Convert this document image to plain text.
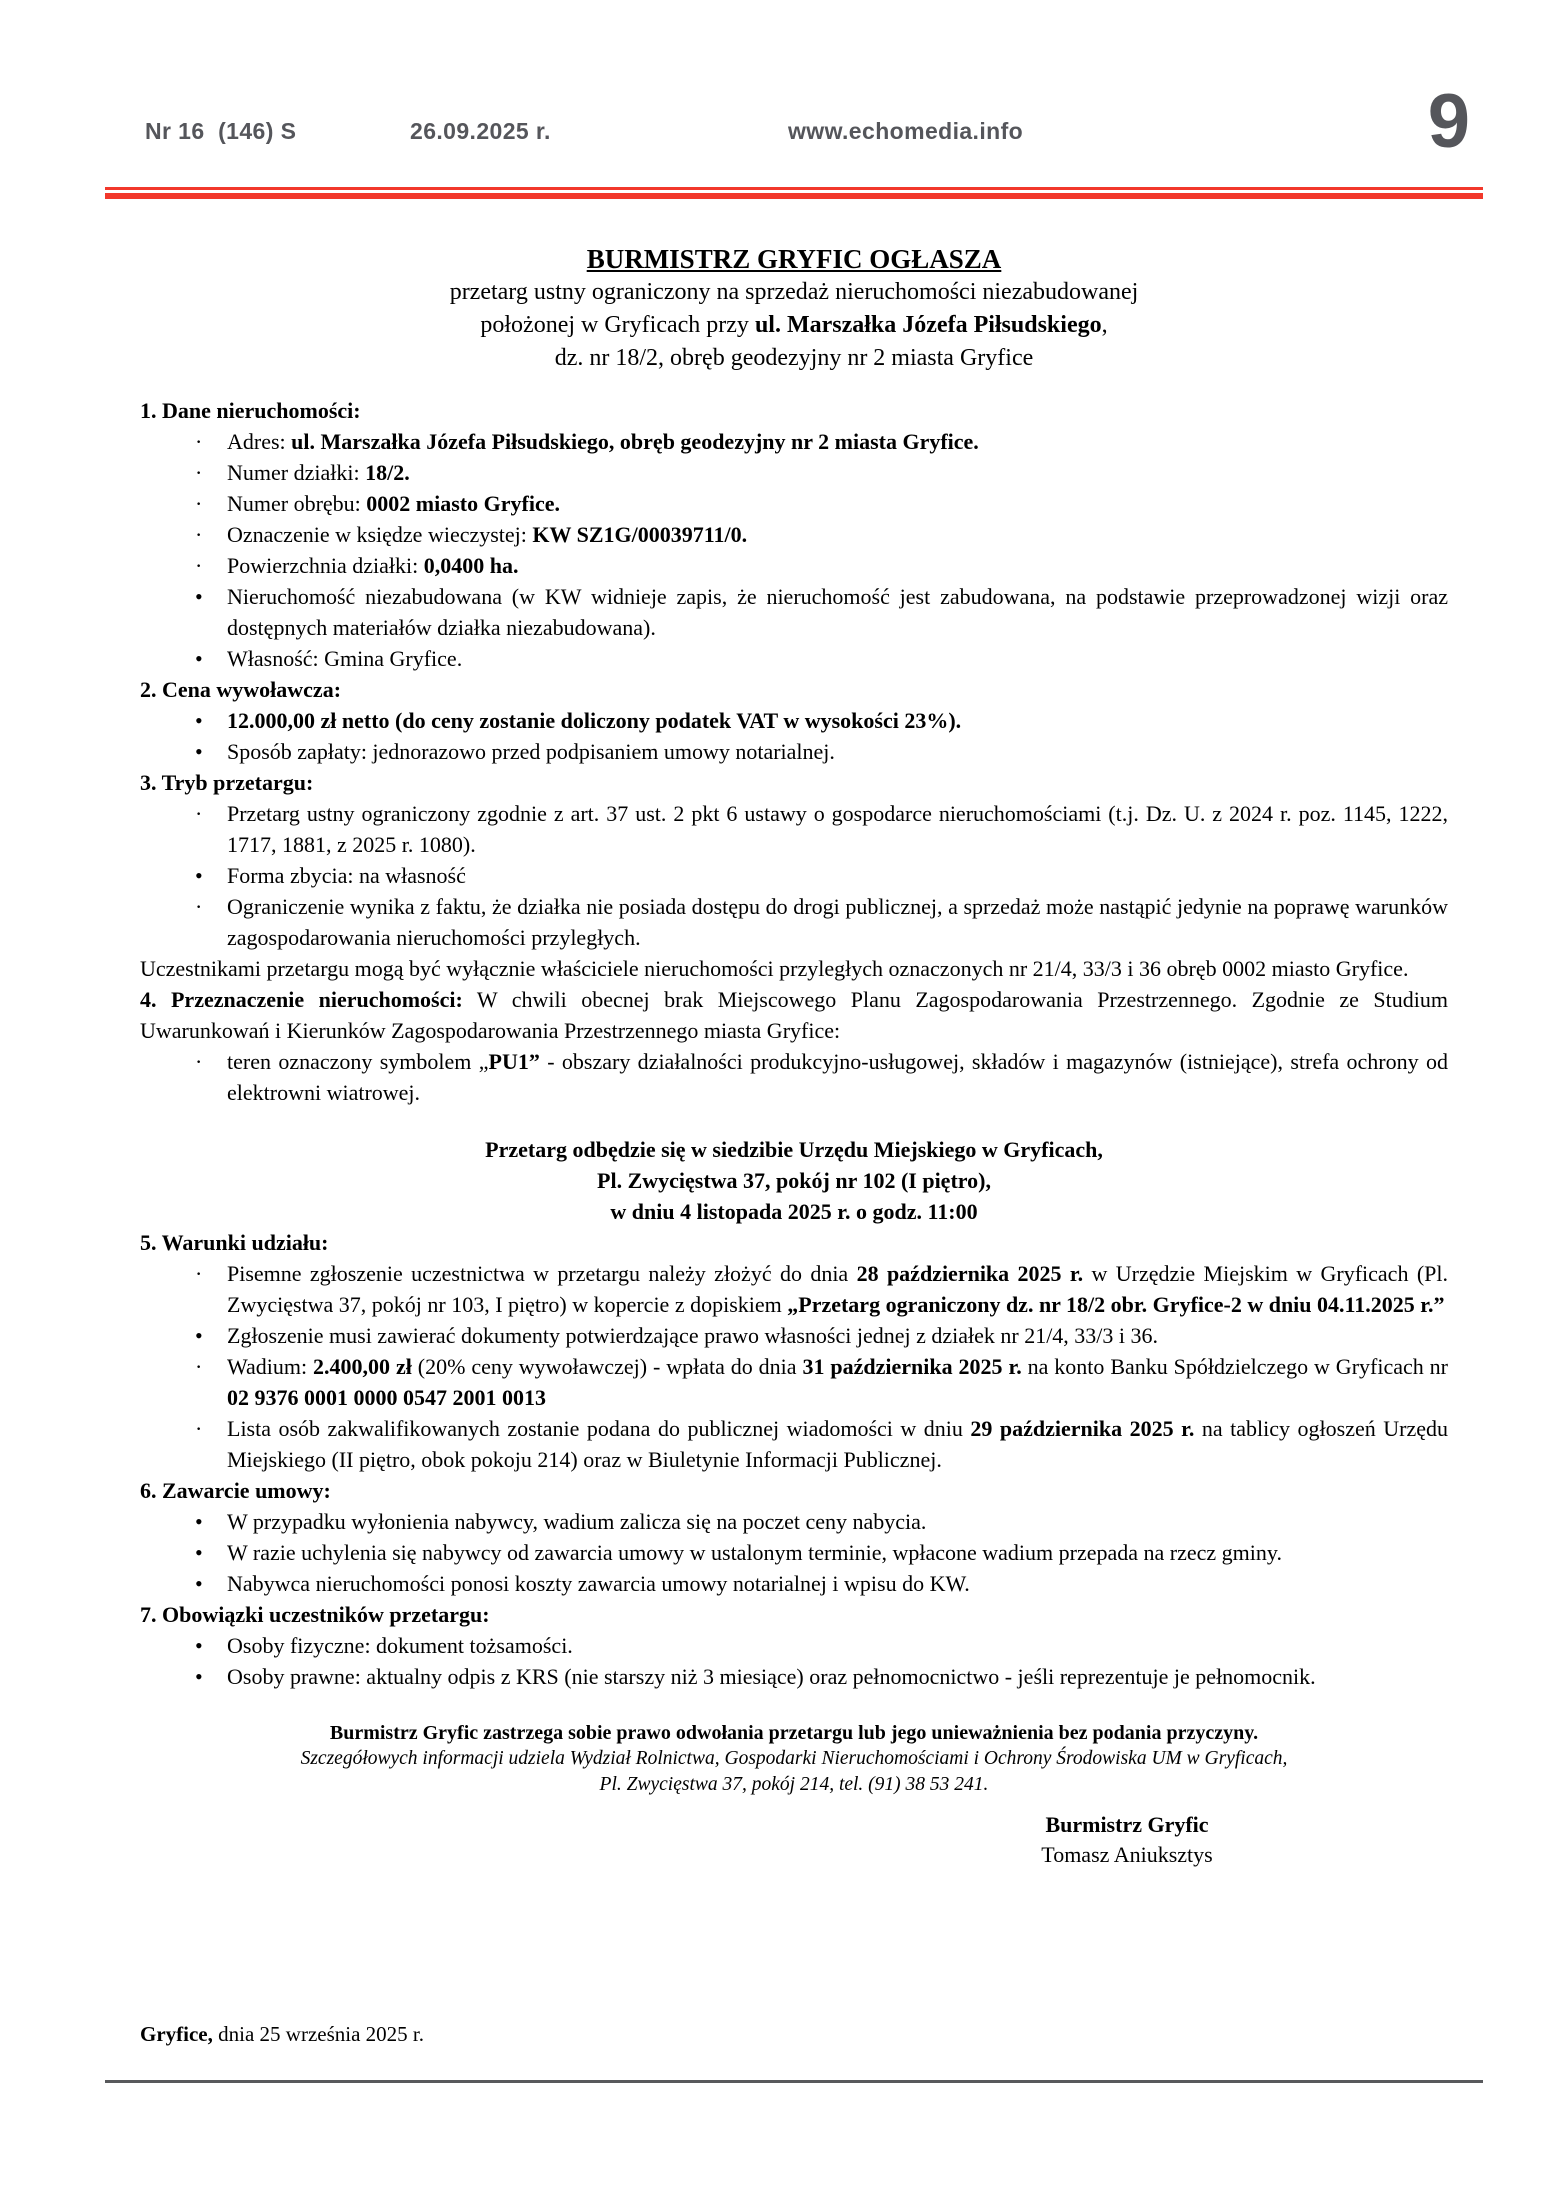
Nr 16  (146) S	26.09.2025 r.	www.echomedia.info	9
BURMISTRZ GRYFIC OGŁASZA
przetarg ustny ograniczony na sprzedaż nieruchomości niezabudowanej
położonej w Gryficach przy ul. Marszałka Józefa Piłsudskiego,
dz. nr 18/2, obręb geodezyjny nr 2 miasta Gryfice
1. Dane nieruchomości:
· Adres: ul. Marszałka Józefa Piłsudskiego, obręb geodezyjny nr 2 miasta Gryfice.
· Numer działki: 18/2.
· Numer obrębu: 0002 miasto Gryfice.
· Oznaczenie w księdze wieczystej: KW SZ1G/00039711/0.
· Powierzchnia działki: 0,0400 ha.
• Nieruchomość niezabudowana (w KW widnieje zapis, że nieruchomość jest zabudowana, na podstawie przeprowadzonej wizji oraz dostępnych materiałów działka niezabudowana).
• Własność: Gmina Gryfice.
2. Cena wywoławcza:
• 12.000,00 zł netto (do ceny zostanie doliczony podatek VAT w wysokości 23%).
• Sposób zapłaty: jednorazowo przed podpisaniem umowy notarialnej.
3. Tryb przetargu:
· Przetarg ustny ograniczony zgodnie z art. 37 ust. 2 pkt 6 ustawy o gospodarce nieruchomościami (t.j. Dz. U. z 2024 r. poz. 1145, 1222, 1717, 1881, z 2025 r. 1080).
• Forma zbycia: na własność
· Ograniczenie wynika z faktu, że działka nie posiada dostępu do drogi publicznej, a sprzedaż może nastąpić jedynie na poprawę warunków zagospodarowania nieruchomości przyległych.

Uczestnikami przetargu mogą być wyłącznie właściciele nieruchomości przyległych oznaczonych nr 21/4, 33/3 i 36 obręb 0002 miasto Gryfice.

4. Przeznaczenie nieruchomości: W chwili obecnej brak Miejscowego Planu Zagospodarowania Przestrzennego. Zgodnie ze Studium Uwarunkowań i Kierunków Zagospodarowania Przestrzennego miasta Gryfice:

· teren oznaczony symbolem „PU1” - obszary działalności produkcyjno-usługowej, składów i magazynów (istniejące), strefa ochrony od elektrowni wiatrowej.
Przetarg odbędzie się w siedzibie Urzędu Miejskiego w Gryficach,
Pl. Zwycięstwa 37, pokój nr 102 (I piętro),
w dniu 4 listopada 2025 r. o godz. 11:00
5. Warunki udziału:
· Pisemne zgłoszenie uczestnictwa w przetargu należy złożyć do dnia 28 października 2025 r. w Urzędzie Miejskim w Gryficach (Pl. Zwycięstwa 37, pokój nr 103, I piętro) w kopercie z dopiskiem „Przetarg ograniczony dz. nr 18/2 obr. Gryfice-2 w dniu 04.11.2025 r.”
• Zgłoszenie musi zawierać dokumenty potwierdzające prawo własności jednej z działek nr 21/4, 33/3 i 36.
· Wadium: 2.400,00 zł (20% ceny wywoławczej) - wpłata do dnia 31 października 2025 r. na konto Banku Spółdzielczego w Gryficach nr 02 9376 0001 0000 0547 2001 0013
· Lista osób zakwalifikowanych zostanie podana do publicznej wiadomości w dniu 29 października 2025 r. na tablicy ogłoszeń Urzędu Miejskiego (II piętro, obok pokoju 214) oraz w Biuletynie Informacji Publicznej.
6. Zawarcie umowy:
• W przypadku wyłonienia nabywcy, wadium zalicza się na poczet ceny nabycia.
• W razie uchylenia się nabywcy od zawarcia umowy w ustalonym terminie, wpłacone wadium przepada na rzecz gminy.
• Nabywca nieruchomości ponosi koszty zawarcia umowy notarialnej i wpisu do KW.
7. Obowiązki uczestników przetargu:
• Osoby fizyczne: dokument tożsamości.
• Osoby prawne: aktualny odpis z KRS (nie starszy niż 3 miesiące) oraz pełnomocnictwo - jeśli reprezentuje je pełnomocnik.
Burmistrz Gryfic zastrzega sobie prawo odwołania przetargu lub jego unieważnienia bez podania przyczyny.
Szczegółowych informacji udziela Wydział Rolnictwa, Gospodarki Nieruchomościami i Ochrony Środowiska UM w Gryficach,
Pl. Zwycięstwa 37, pokój 214, tel. (91) 38 53 241.
Burmistrz Gryfic
Tomasz Aniuksztys
Gryfice, dnia 25 września 2025 r.
